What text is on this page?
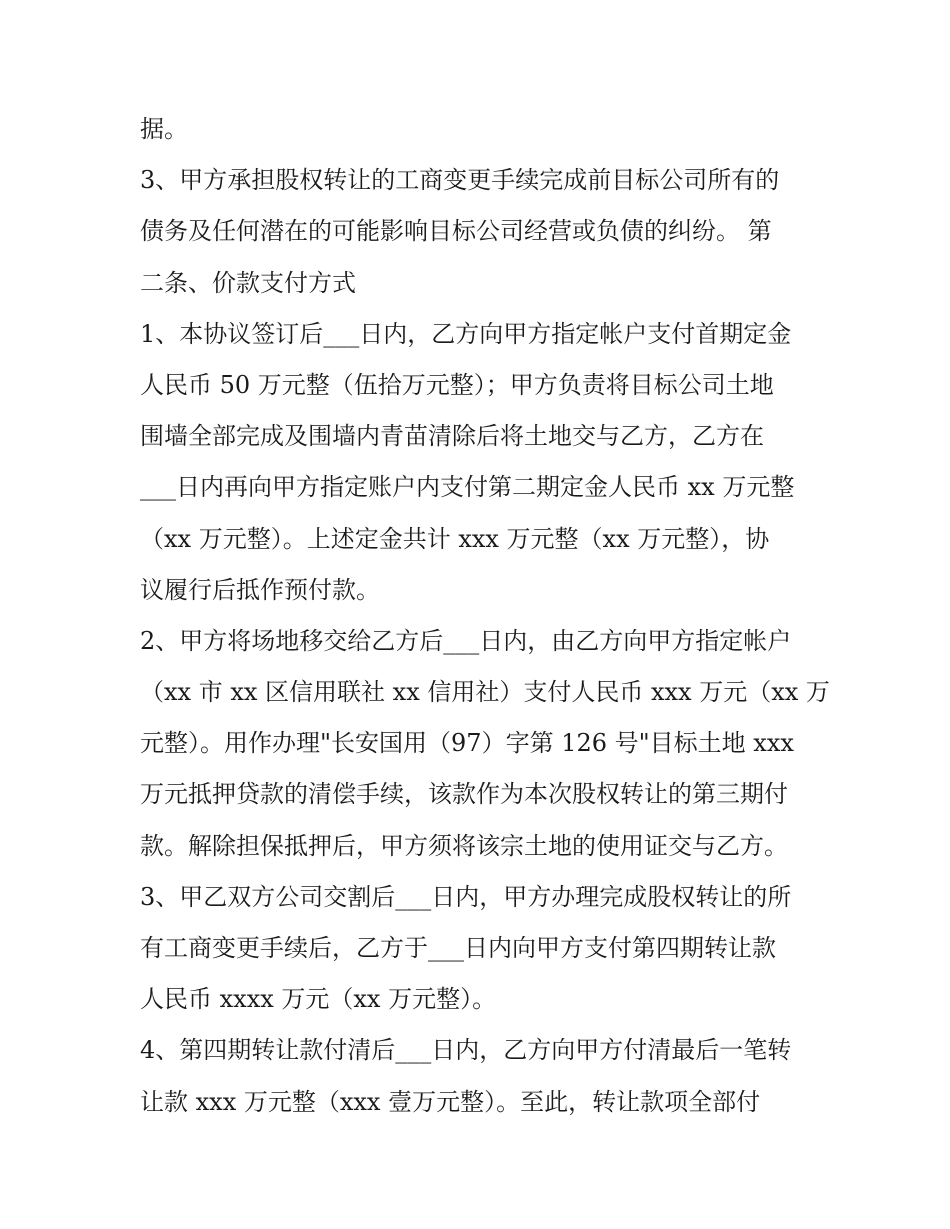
据。
3、甲方承担股权转让的工商变更手续完成前目标公司所有的
债务及任何潜在的可能影响目标公司经营或负债的纠纷。 第
二条、价款支付方式
1、本协议签订后___日内，乙方向甲方指定帐户支付首期定金
人民币 50 万元整（伍拾万元整）；甲方负责将目标公司土地
围墙全部完成及围墙内青苗清除后将土地交与乙方，乙方在
___日内再向甲方指定账户内支付第二期定金人民币 xx 万元整
（xx 万元整）。上述定金共计 xxx 万元整（xx 万元整），协
议履行后抵作预付款。
2、甲方将场地移交给乙方后___日内，由乙方向甲方指定帐户
（xx 市 xx 区信用联社 xx 信用社）支付人民币 xxx 万元（xx 万
元整）。用作办理"长安国用（97）字第 126 号"目标土地 xxx
万元抵押贷款的清偿手续，该款作为本次股权转让的第三期付
款。解除担保抵押后，甲方须将该宗土地的使用证交与乙方。
3、甲乙双方公司交割后___日内，甲方办理完成股权转让的所
有工商变更手续后，乙方于___日内向甲方支付第四期转让款
人民币 xxxx 万元（xx 万元整）。
4、第四期转让款付清后___日内，乙方向甲方付清最后一笔转
让款 xxx 万元整（xxx 壹万元整）。至此，转让款项全部付
